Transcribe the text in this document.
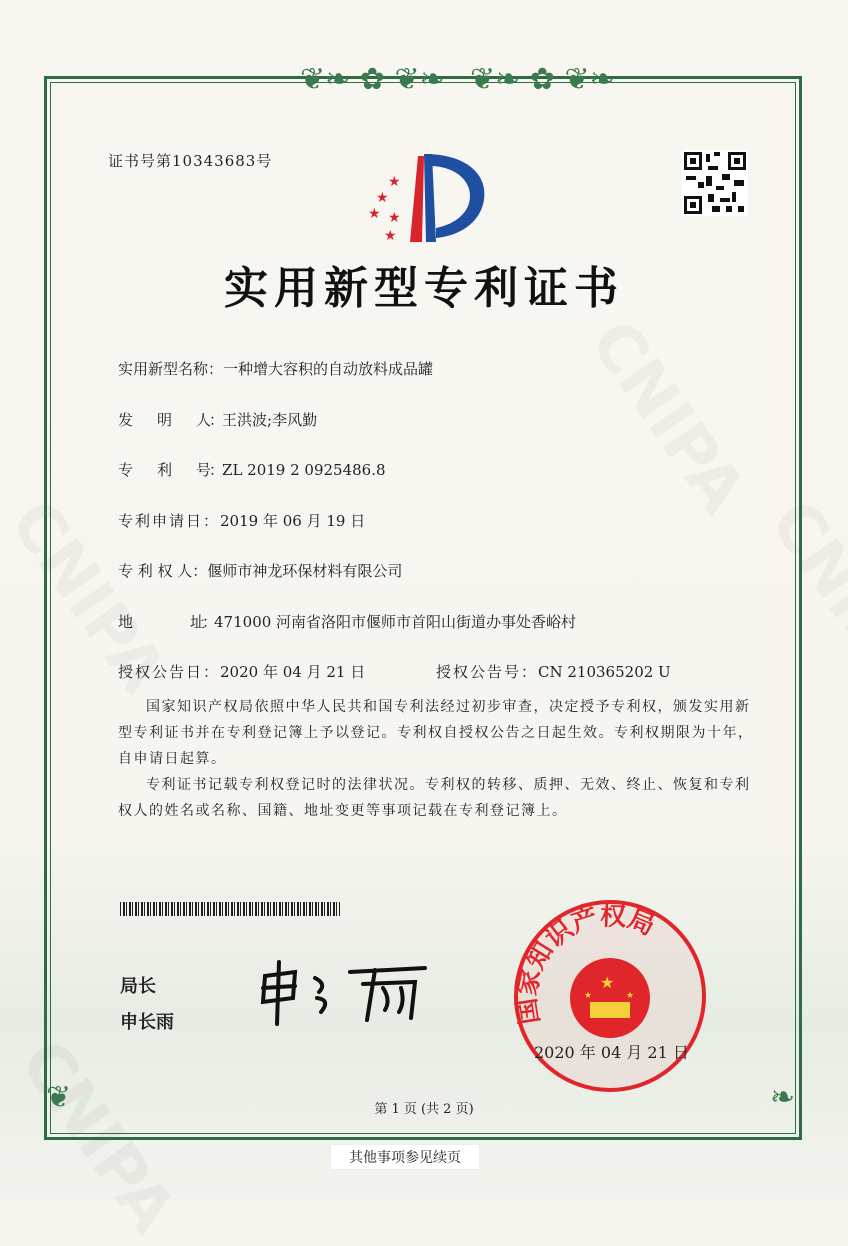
❦❧ ✿ ❦❧ ❦❧ ✿ ❦❧
❦	❧
证书号第10343683号
★
★
★ ★
★
实用新型专利证书
实用新型名称：一种增大容积的自动放料成品罐
发　　明　　人：王洪波;李风勤
专　　利　　号：ZL 2019 2 0925486.8
专利申请日：2019 年 06 月 19 日
专 利 权 人：偃师市神龙环保材料有限公司
地　　　　　址：471000 河南省洛阳市偃师市首阳山街道办事处香峪村
授权公告日：2020 年 04 月 21 日	授权公告号：CN 210365202 U
国家知识产权局依照中华人民共和国专利法经过初步审查，决定授予专利权，颁发实用新型专利证书并在专利登记簿上予以登记。专利权自授权公告之日起生效。专利权期限为十年，自申请日起算。
专利证书记载专利权登记时的法律状况。专利权的转移、质押、无效、终止、恢复和专利权人的姓名或名称、国籍、地址变更等事项记载在专利登记簿上。
局长
申长雨	国家知识产权局
★
★	★
2020 年 04 月 21 日
第 1 页 (共 2 页)
其他事项参见续页
